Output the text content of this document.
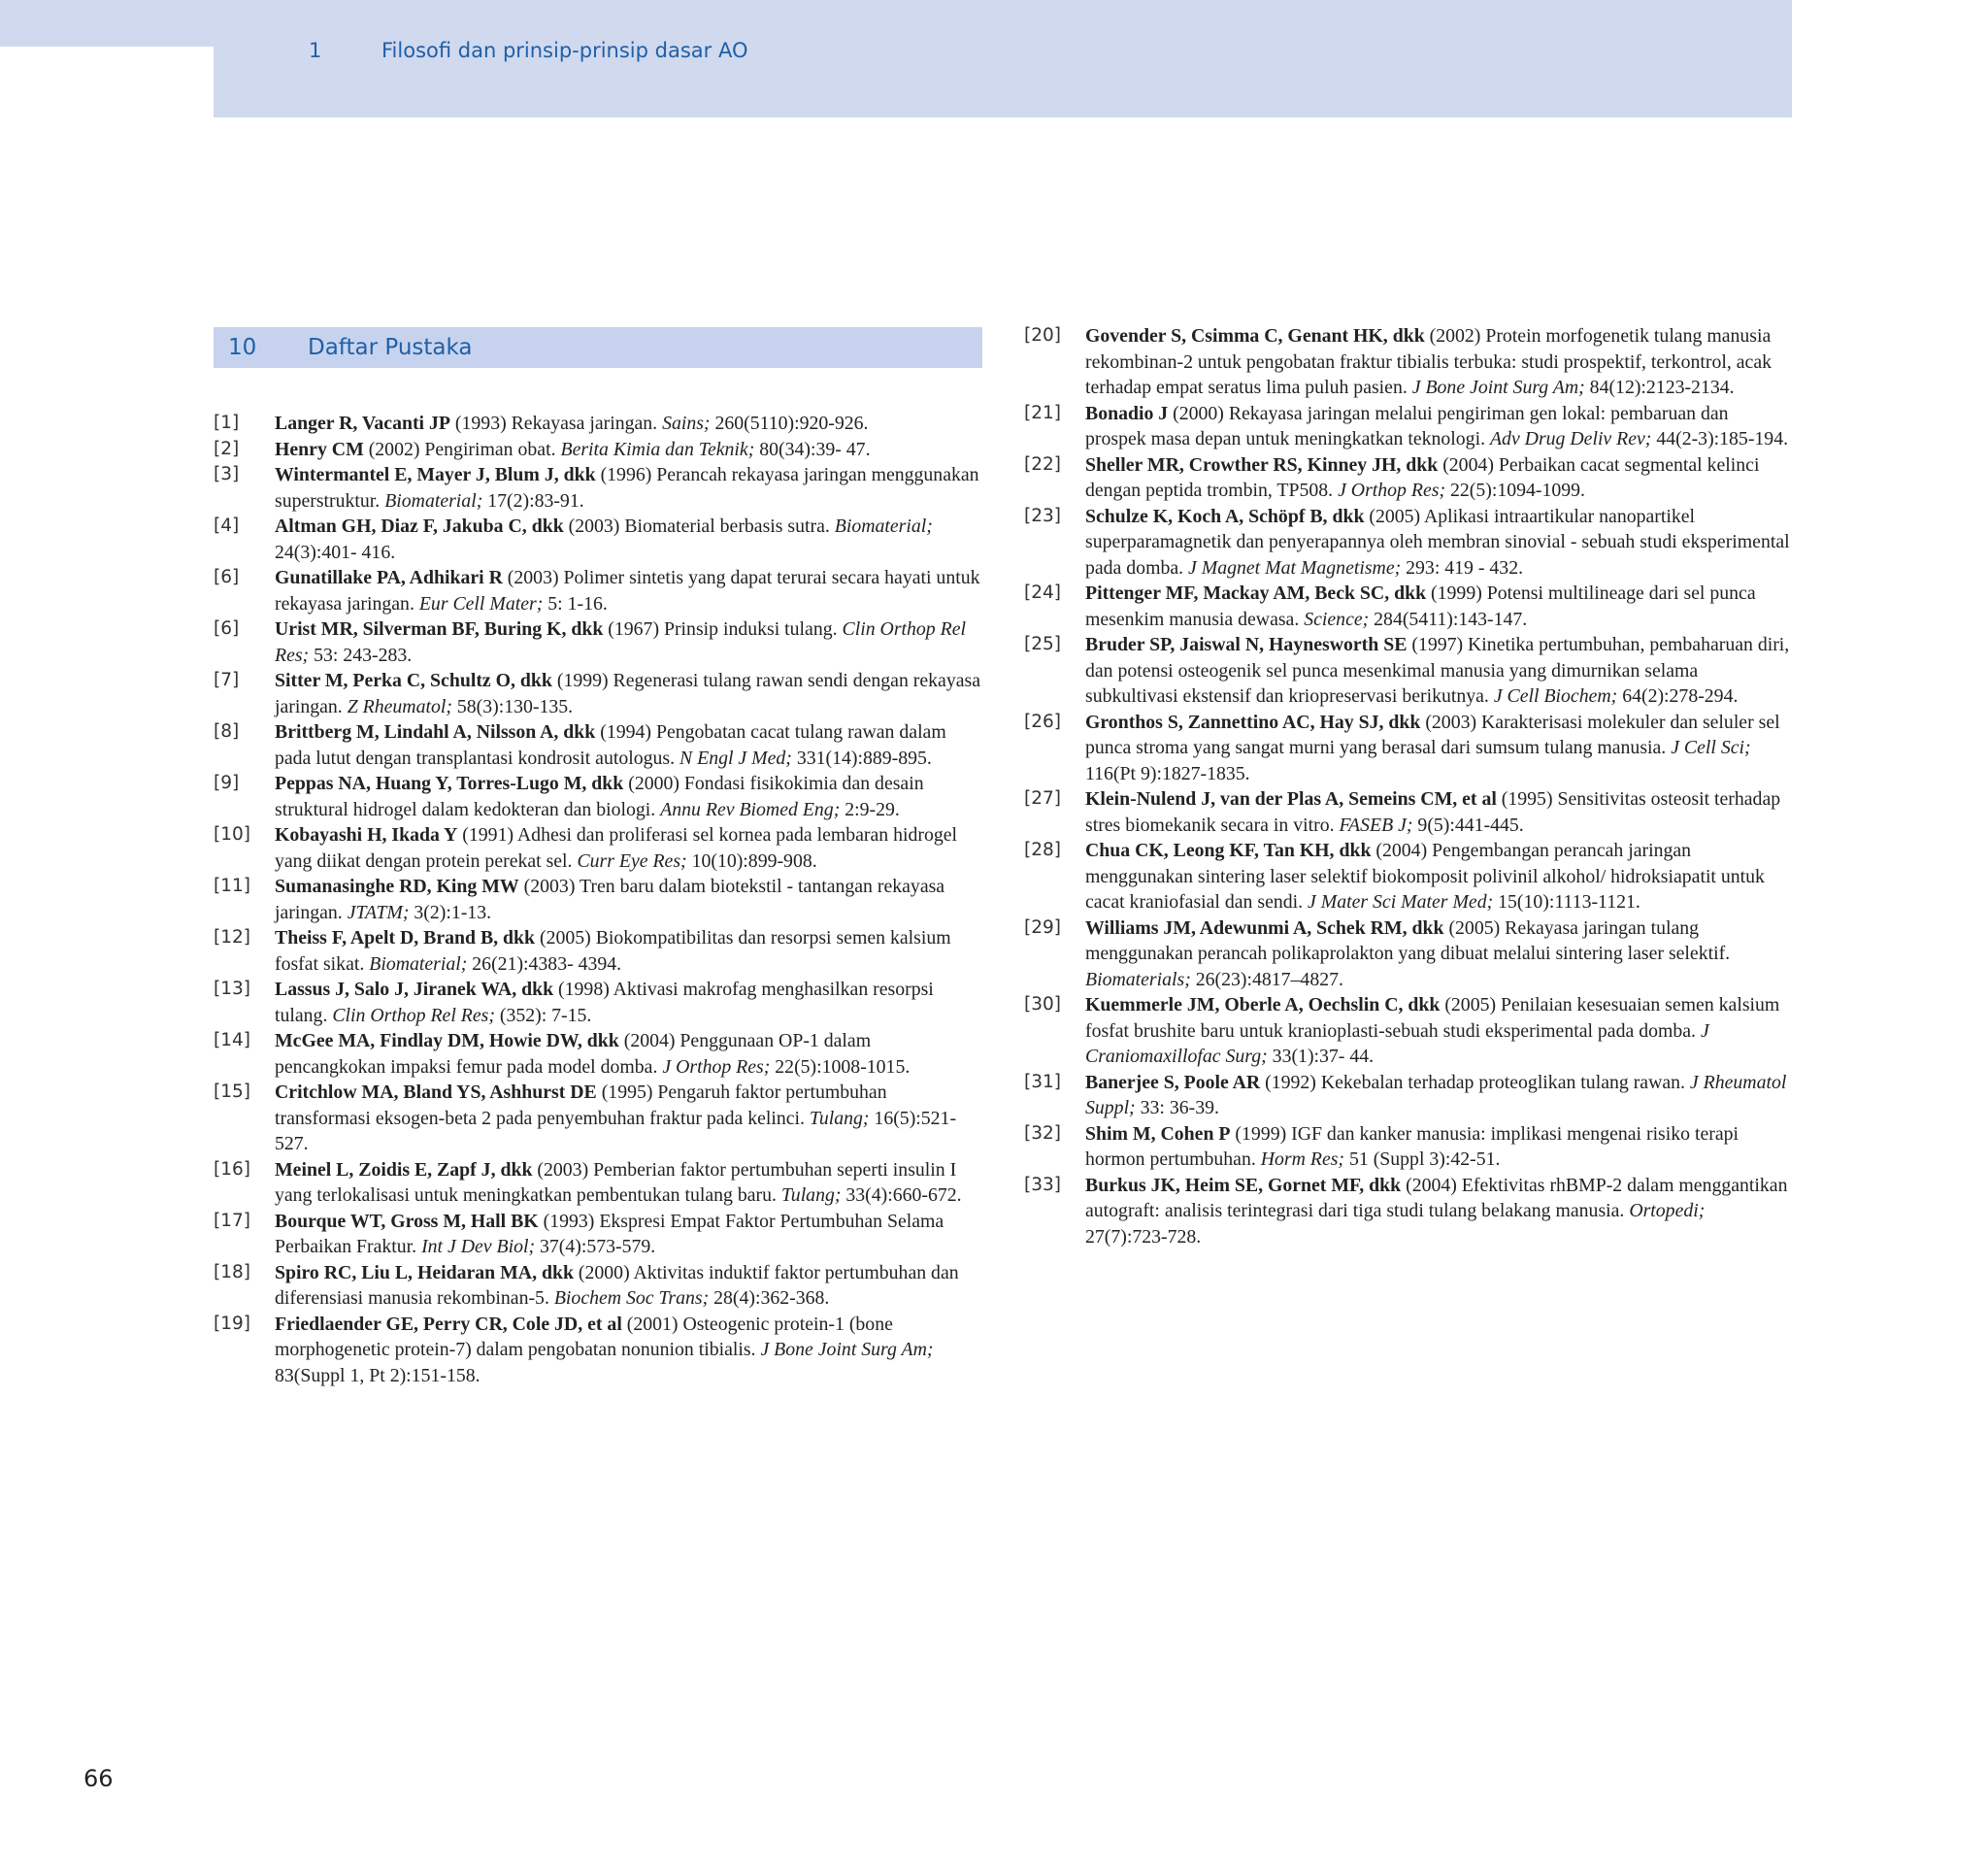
1	Filosofi dan prinsip-prinsip dasar AO
10 Daftar Pustaka
[1] Langer R, Vacanti JP (1993) Rekayasa jaringan. Sains; 260(5110):920-926.
[2] Henry CM (2002) Pengiriman obat. Berita Kimia dan Teknik; 80(34):39- 47.
[3] Wintermantel E, Mayer J, Blum J, dkk (1996) Perancah rekayasa jaringan menggunakan superstruktur. Biomaterial; 17(2):83-91.
[4] Altman GH, Diaz F, Jakuba C, dkk (2003) Biomaterial berbasis sutra. Biomaterial; 24(3):401- 416.
[6] Gunatillake PA, Adhikari R (2003) Polimer sintetis yang dapat terurai secara hayati untuk rekayasa jaringan. Eur Cell Mater; 5: 1-16.
[6] Urist MR, Silverman BF, Buring K, dkk (1967) Prinsip induksi tulang. Clin Orthop Rel Res; 53: 243-283.
[7] Sitter M, Perka C, Schultz O, dkk (1999) Regenerasi tulang rawan sendi dengan rekayasa jaringan. Z Rheumatol; 58(3):130-135.
[8] Brittberg M, Lindahl A, Nilsson A, dkk (1994) Pengobatan cacat tulang rawan dalam pada lutut dengan transplantasi kondrosit autologus. N Engl J Med; 331(14):889-895.
[9] Peppas NA, Huang Y, Torres-Lugo M, dkk (2000) Fondasi fisikokimia dan desain struktural hidrogel dalam kedokteran dan biologi. Annu Rev Biomed Eng; 2:9-29.
[10] Kobayashi H, Ikada Y (1991) Adhesi dan proliferasi sel kornea pada lembaran hidrogel yang diikat dengan protein perekat sel. Curr Eye Res; 10(10):899-908.
[11] Sumanasinghe RD, King MW (2003) Tren baru dalam biotekstil - tantangan rekayasa jaringan. JTATM; 3(2):1-13.
[12] Theiss F, Apelt D, Brand B, dkk (2005) Biokompatibilitas dan resorpsi semen kalsium fosfat sikat. Biomaterial; 26(21):4383- 4394.
[13] Lassus J, Salo J, Jiranek WA, dkk (1998) Aktivasi makrofag menghasilkan resorpsi tulang. Clin Orthop Rel Res; (352): 7-15.
[14] McGee MA, Findlay DM, Howie DW, dkk (2004) Penggunaan OP-1 dalam pencangkokan impaksi femur pada model domba. J Orthop Res; 22(5):1008-1015.
[15] Critchlow MA, Bland YS, Ashhurst DE (1995) Pengaruh faktor pertumbuhan transformasi eksogen-beta 2 pada penyembuhan fraktur pada kelinci. Tulang; 16(5):521-527.
[16] Meinel L, Zoidis E, Zapf J, dkk (2003) Pemberian faktor pertumbuhan seperti insulin I yang terlokalisasi untuk meningkatkan pembentukan tulang baru. Tulang; 33(4):660-672.
[17] Bourque WT, Gross M, Hall BK (1993) Ekspresi Empat Faktor Pertumbuhan Selama Perbaikan Fraktur. Int J Dev Biol; 37(4):573-579.
[18] Spiro RC, Liu L, Heidaran MA, dkk (2000) Aktivitas induktif faktor pertumbuhan dan diferensiasi manusia rekombinan-5. Biochem Soc Trans; 28(4):362-368.
[19] Friedlaender GE, Perry CR, Cole JD, et al (2001) Osteogenic protein-1 (bone morphogenetic protein-7) dalam pengobatan nonunion tibialis. J Bone Joint Surg Am; 83(Suppl 1, Pt 2):151-158.
[20] Govender S, Csimma C, Genant HK, dkk (2002) Protein morfogenetik tulang manusia rekombinan-2 untuk pengobatan fraktur tibialis terbuka: studi prospektif, terkontrol, acak terhadap empat seratus lima puluh pasien. J Bone Joint Surg Am; 84(12):2123-2134.
[21] Bonadio J (2000) Rekayasa jaringan melalui pengiriman gen lokal: pembaruan dan prospek masa depan untuk meningkatkan teknologi. Adv Drug Deliv Rev; 44(2-3):185-194.
[22] Sheller MR, Crowther RS, Kinney JH, dkk (2004) Perbaikan cacat segmental kelinci dengan peptida trombin, TP508. J Orthop Res; 22(5):1094-1099.
[23] Schulze K, Koch A, Schöpf B, dkk (2005) Aplikasi intraartikular nanopartikel superparamagnetik dan penyerapannya oleh membran sinovial - sebuah studi eksperimental pada domba. J Magnet Mat Magnetisme; 293: 419 - 432.
[24] Pittenger MF, Mackay AM, Beck SC, dkk (1999) Potensi multilineage dari sel punca mesenkim manusia dewasa. Science; 284(5411):143-147.
[25] Bruder SP, Jaiswal N, Haynesworth SE (1997) Kinetika pertumbuhan, pembaharuan diri, dan potensi osteogenik sel punca mesenkimal manusia yang dimurnikan selama subkultivasi ekstensif dan kriopreservasi berikutnya. J Cell Biochem; 64(2):278-294.
[26] Gronthos S, Zannettino AC, Hay SJ, dkk (2003) Karakterisasi molekuler dan seluler sel punca stroma yang sangat murni yang berasal dari sumsum tulang manusia. J Cell Sci; 116(Pt 9):1827-1835.
[27] Klein-Nulend J, van der Plas A, Semeins CM, et al (1995) Sensitivitas osteosit terhadap stres biomekanik secara in vitro. FASEB J; 9(5):441-445.
[28] Chua CK, Leong KF, Tan KH, dkk (2004) Pengembangan perancah jaringan menggunakan sintering laser selektif biokomposit polivinil alkohol/ hidroksiapatit untuk cacat kraniofasial dan sendi. J Mater Sci Mater Med; 15(10):1113-1121.
[29] Williams JM, Adewunmi A, Schek RM, dkk (2005) Rekayasa jaringan tulang menggunakan perancah polikaprolakton yang dibuat melalui sintering laser selektif. Biomaterials; 26(23):4817–4827.
[30] Kuemmerle JM, Oberle A, Oechslin C, dkk (2005) Penilaian kesesuaian semen kalsium fosfat brushite baru untuk kranioplasti-sebuah studi eksperimental pada domba. J Craniomaxillofac Surg; 33(1):37- 44.
[31] Banerjee S, Poole AR (1992) Kekebalan terhadap proteoglikan tulang rawan. J Rheumatol Suppl; 33: 36-39.
[32] Shim M, Cohen P (1999) IGF dan kanker manusia: implikasi mengenai risiko terapi hormon pertumbuhan. Horm Res; 51 (Suppl 3):42-51.
[33] Burkus JK, Heim SE, Gornet MF, dkk (2004) Efektivitas rhBMP-2 dalam menggantikan autograft: analisis terintegrasi dari tiga studi tulang belakang manusia. Ortopedi; 27(7):723-728.
66
